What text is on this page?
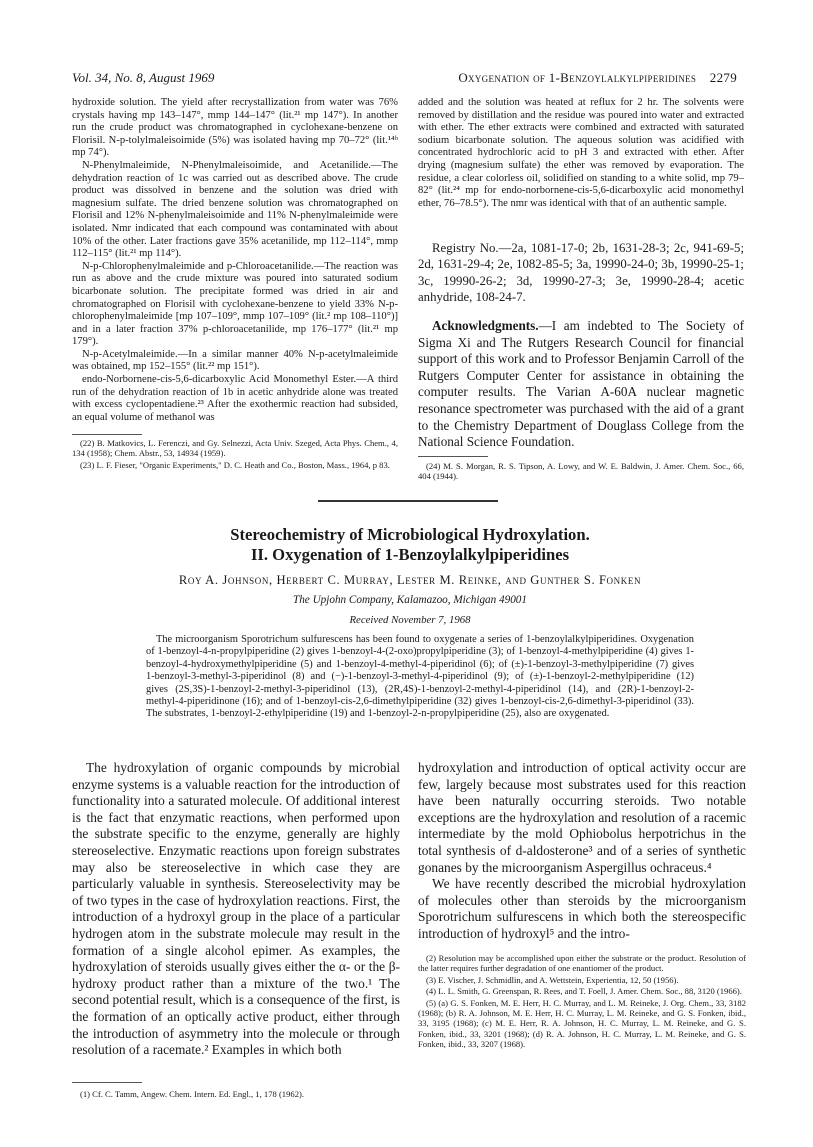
Vol. 34, No. 8, August 1969	Oxygenation of 1-Benzoylalkylpiperidines 2279

hydroxide solution. The yield after recrystallization from water was 76% crystals having mp 143–147°, mmp 144–147° (lit.²¹ mp 147°). In another run the crude product was chromatographed in cyclohexane-benzene on Florisil. N-p-tolylmaleisoimide (5%) was isolated having mp 70–72° (lit.¹⁴ᵇ mp 74°).

N-Phenylmaleimide, N-Phenylmaleisoimide, and Acetanilide.—The dehydration reaction of 1c was carried out as described above. The crude product was dissolved in benzene and the solution was dried with magnesium sulfate. The dried benzene solution was chromatographed on Florisil and 12% N-phenylmaleisoimide and 11% N-phenylmaleimide were isolated. Nmr indicated that each compound was contaminated with about 10% of the other. Later fractions gave 35% acetanilide, mp 112–114°, mmp 112–115° (lit.²¹ mp 114°).

N-p-Chlorophenylmaleimide and p-Chloroacetanilide.—The reaction was run as above and the crude mixture was poured into saturated sodium bicarbonate solution. The precipitate formed was dried in air and chromatographed on Florisil with cyclohexane-benzene to yield 33% N-p-chlorophenylmaleimide [mp 107–109°, mmp 107–109° (lit.² mp 108–110°)] and in a later fraction 37% p-chloroacetanilide, mp 176–177° (lit.²¹ mp 179°).

N-p-Acetylmaleimide.—In a similar manner 40% N-p-acetylmaleimide was obtained, mp 152–155° (lit.²² mp 151°).

endo-Norbornene-cis-5,6-dicarboxylic Acid Monomethyl Ester.—A third run of the dehydration reaction of 1b in acetic anhydride alone was treated with excess cyclopentadiene.²³ After the exothermic reaction had subsided, an equal volume of methanol was

(22) B. Matkovics, L. Ferenczi, and Gy. Selnezzi, Acta Univ. Szeged, Acta Phys. Chem., 4, 134 (1958); Chem. Abstr., 53, 14934 (1959).

(23) L. F. Fieser, "Organic Experiments," D. C. Heath and Co., Boston, Mass., 1964, p 83.

added and the solution was heated at reflux for 2 hr. The solvents were removed by distillation and the residue was poured into water and extracted with ether. The ether extracts were combined and extracted with saturated sodium bicarbonate solution. The aqueous solution was acidified with concentrated hydrochloric acid to pH 3 and extracted with ether. After drying (magnesium sulfate) the ether was removed by evaporation. The residue, a clear colorless oil, solidified on standing to a white solid, mp 79–82° (lit.²⁴ mp for endo-norbornene-cis-5,6-dicarboxylic acid monomethyl ether, 76–78.5°). The nmr was identical with that of an authentic sample.

Registry No.—2a, 1081-17-0; 2b, 1631-28-3; 2c, 941-69-5; 2d, 1631-29-4; 2e, 1082-85-5; 3a, 19990-24-0; 3b, 19990-25-1; 3c, 19990-26-2; 3d, 19990-27-3; 3e, 19990-28-4; acetic anhydride, 108-24-7.

Acknowledgments.—I am indebted to The Society of Sigma Xi and The Rutgers Research Council for financial support of this work and to Professor Benjamin Carroll of the Rutgers Computer Center for assistance in obtaining the computer results. The Varian A-60A nuclear magnetic resonance spectrometer was purchased with the aid of a grant to the Chemistry Department of Douglass College from the National Science Foundation.

(24) M. S. Morgan, R. S. Tipson, A. Lowy, and W. E. Baldwin, J. Amer. Chem. Soc., 66, 404 (1944).

Stereochemistry of Microbiological Hydroxylation.
II. Oxygenation of 1-Benzoylalkylpiperidines
Roy A. Johnson, Herbert C. Murray, Lester M. Reinke, and Gunther S. Fonken
The Upjohn Company, Kalamazoo, Michigan 49001
Received November 7, 1968
The microorganism Sporotrichum sulfurescens has been found to oxygenate a series of 1-benzoylalkylpiperidines. Oxygenation of 1-benzoyl-4-n-propylpiperidine (2) gives 1-benzoyl-4-(2-oxo)propylpiperidine (3); of 1-benzoyl-4-methylpiperidine (4) gives 1-benzoyl-4-hydroxymethylpiperidine (5) and 1-benzoyl-4-methyl-4-piperidinol (6); of (±)-1-benzoyl-3-methylpiperidine (7) gives 1-benzoyl-3-methyl-3-piperidinol (8) and (−)-1-benzoyl-3-methyl-4-piperidinol (9); of (±)-1-benzoyl-2-methylpiperidine (12) gives (2S,3S)-1-benzoyl-2-methyl-3-piperidinol (13), (2R,4S)-1-benzoyl-2-methyl-4-piperidinol (14), and (2R)-1-benzoyl-2-methyl-4-piperidinone (16); and of 1-benzoyl-cis-2,6-dimethylpiperidine (32) gives 1-benzoyl-cis-2,6-dimethyl-3-piperidinol (33). The substrates, 1-benzoyl-2-ethylpiperidine (19) and 1-benzoyl-2-n-propylpiperidine (25), also are oxygenated.

The hydroxylation of organic compounds by microbial enzyme systems is a valuable reaction for the introduction of functionality into a saturated molecule. Of additional interest is the fact that enzymatic reactions, when performed upon the substrate specific to the enzyme, generally are highly stereoselective. Enzymatic reactions upon foreign substrates may also be stereoselective in which case they are particularly valuable in synthesis. Stereoselectivity may be of two types in the case of hydroxylation reactions. First, the introduction of a hydroxyl group in the place of a particular hydrogen atom in the substrate molecule may result in the formation of a single alcohol epimer. As examples, the hydroxylation of steroids usually gives either the α- or the β-hydroxy product rather than a mixture of the two.¹ The second potential result, which is a consequence of the first, is the formation of an optically active product, either through the introduction of asymmetry into the molecule or through resolution of a racemate.² Examples in which both

(1) Cf. C. Tamm, Angew. Chem. Intern. Ed. Engl., 1, 178 (1962).

hydroxylation and introduction of optical activity occur are few, largely because most substrates used for this reaction have been naturally occurring steroids. Two notable exceptions are the hydroxylation and resolution of a racemic intermediate by the mold Ophiobolus herpotrichus in the total synthesis of d-aldosterone³ and of a series of synthetic gonanes by the microorganism Aspergillus ochraceus.⁴

We have recently described the microbial hydroxylation of molecules other than steroids by the microorganism Sporotrichum sulfurescens in which both the stereospecific introduction of hydroxyl⁵ and the intro-

(2) Resolution may be accomplished upon either the substrate or the product. Resolution of the latter requires further degradation of one enantiomer of the product.

(3) E. Vischer, J. Schmidlin, and A. Wettstein, Experientia, 12, 50 (1956).

(4) L. L. Smith, G. Greenspan, R. Rees, and T. Foell, J. Amer. Chem. Soc., 88, 3120 (1966).

(5) (a) G. S. Fonken, M. E. Herr, H. C. Murray, and L. M. Reineke, J. Org. Chem., 33, 3182 (1968); (b) R. A. Johnson, M. E. Herr, H. C. Murray, L. M. Reineke, and G. S. Fonken, ibid., 33, 3195 (1968); (c) M. E. Herr, R. A. Johnson, H. C. Murray, L. M. Reineke, and G. S. Fonken, ibid., 33, 3201 (1968); (d) R. A. Johnson, H. C. Murray, L. M. Reineke, and G. S. Fonken, ibid., 33, 3207 (1968).
